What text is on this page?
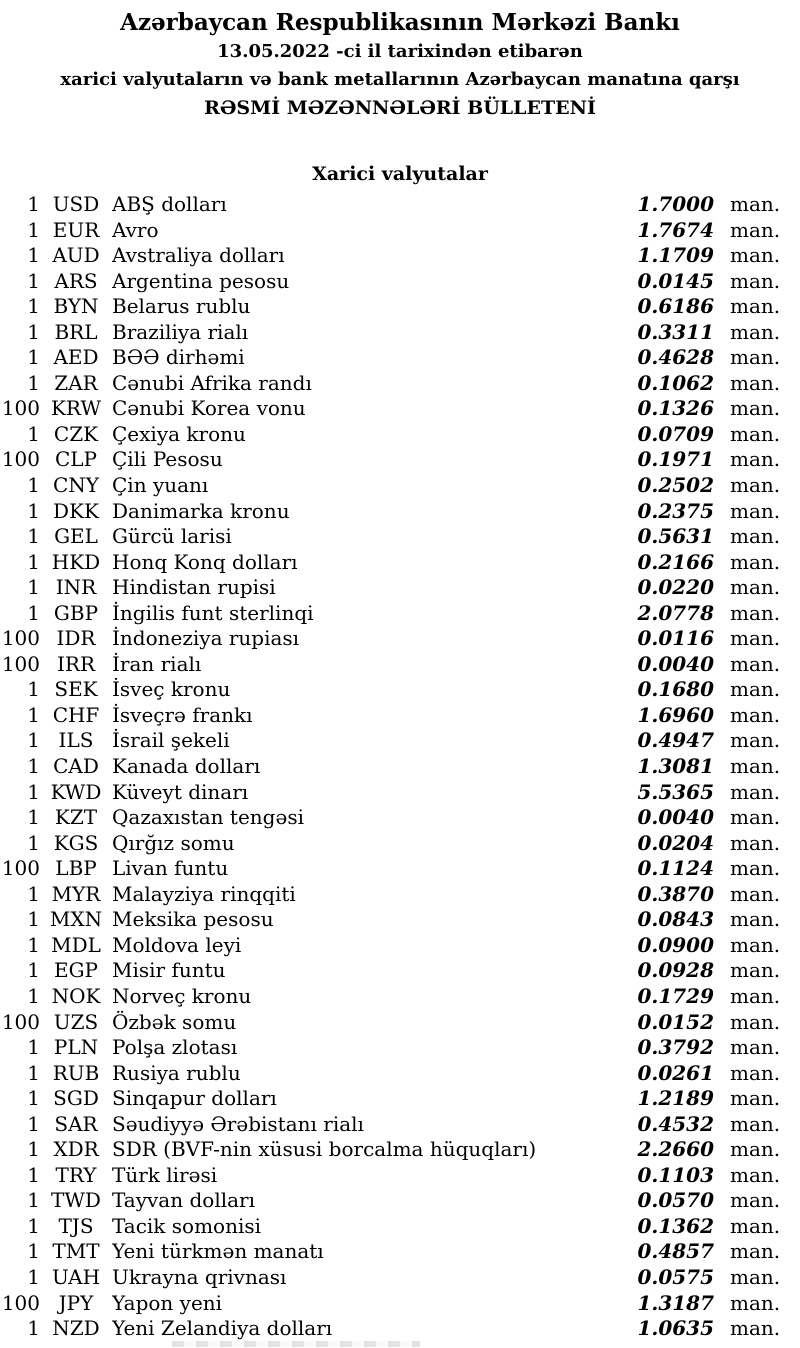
Azərbaycan Respublikasının Mərkəzi Bankı
13.05.2022 -ci il tarixindən etibarən
xarici valyutaların və bank metallarının Azərbaycan manatına qarşı
RƏSMİ MƏZƏNNƏLƏRİ BÜLLETENİ
Xarici valyutalar
1 USD ABŞ dolları	1.7000 man.
1 EUR Avro	1.7674 man.
1 AUD Avstraliya dolları	1.1709 man.
1 ARS Argentina pesosu	0.0145 man.
1 BYN Belarus rublu	0.6186 man.
1 BRL Braziliya rialı	0.3311 man.
1 AED BƏƏ dirhəmi	0.4628 man.
1 ZAR Cənubi Afrika randı	0.1062 man.
100 KRW Cənubi Korea vonu	0.1326 man.
1 CZK Çexiya kronu	0.0709 man.
100 CLP Çili Pesosu	0.1971 man.
1 CNY Çin yuanı	0.2502 man.
1 DKK Danimarka kronu	0.2375 man.
1 GEL Gürcü larisi	0.5631 man.
1 HKD Honq Konq dolları	0.2166 man.
1 INR Hindistan rupisi	0.0220 man.
1 GBP İngilis funt sterlinqi	2.0778 man.
100 IDR İndoneziya rupiası	0.0116 man.
100 IRR İran rialı	0.0040 man.
1 SEK İsveç kronu	0.1680 man.
1 CHF İsveçrə frankı	1.6960 man.
1 ILS İsrail şekeli	0.4947 man.
1 CAD Kanada dolları	1.3081 man.
1 KWD Küveyt dinarı	5.5365 man.
1 KZT Qazaxıstan tengəsi	0.0040 man.
1 KGS Qırğız somu	0.0204 man.
100 LBP Livan funtu	0.1124 man.
1 MYR Malayziya rinqqiti	0.3870 man.
1 MXN Meksika pesosu	0.0843 man.
1 MDL Moldova leyi	0.0900 man.
1 EGP Misir funtu	0.0928 man.
1 NOK Norveç kronu	0.1729 man.
100 UZS Özbək somu	0.0152 man.
1 PLN Polşa zlotası	0.3792 man.
1 RUB Rusiya rublu	0.0261 man.
1 SGD Sinqapur dolları	1.2189 man.
1 SAR Səudiyyə Ərəbistanı rialı	0.4532 man.
1 XDR SDR (BVF-nin xüsusi borcalma hüquqları)	2.2660 man.
1 TRY Türk lirəsi	0.1103 man.
1 TWD Tayvan dolları	0.0570 man.
1 TJS Tacik somonisi	0.1362 man.
1 TMT Yeni türkmən manatı	0.4857 man.
1 UAH Ukrayna qrivnası	0.0575 man.
100 JPY Yapon yeni	1.3187 man.
1 NZD Yeni Zelandiya dolları	1.0635 man.
